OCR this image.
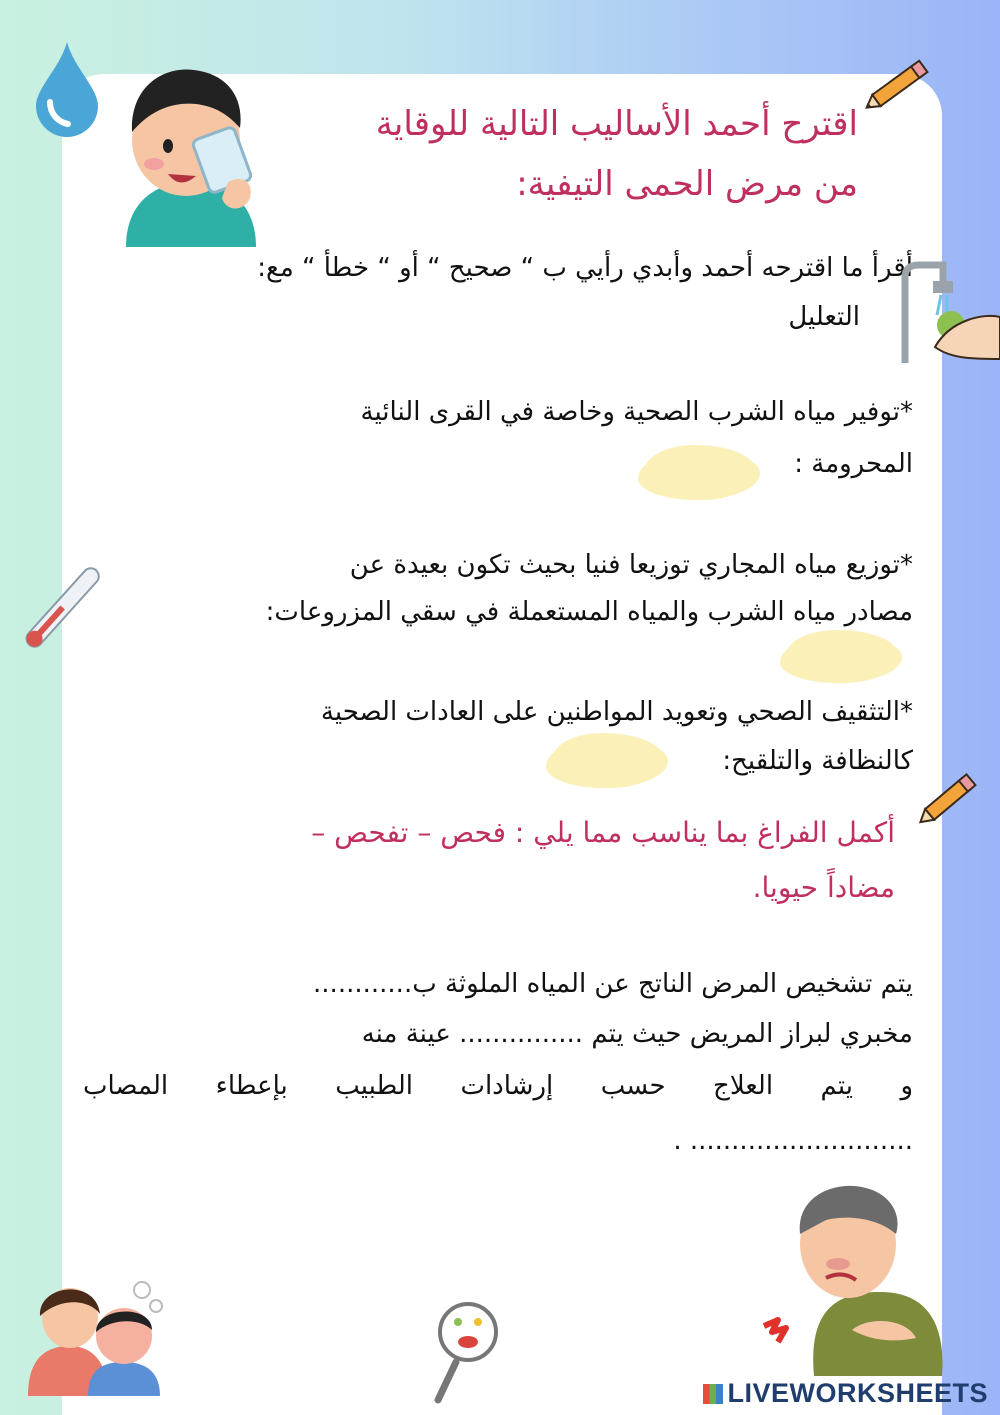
اقترح أحمد الأساليب التالية للوقاية
من مرض الحمى التيفية:
أقرأ ما اقترحه أحمد وأبدي رأيي ب “ صحيح “ أو “ خطأ “ مع:
التعليل
*توفير مياه الشرب الصحية وخاصة في القرى النائية
المحرومة :
*توزيع مياه المجاري توزيعا فنيا بحيث تكون بعيدة عن
مصادر مياه الشرب والمياه المستعملة في سقي المزروعات:
*التثقيف الصحي وتعويد المواطنين على العادات الصحية
كالنظافة والتلقيح:
أكمل الفراغ بما يناسب مما يلي : فحص – تفحص –
مضاداً حيويا.
يتم تشخيص المرض الناتج عن المياه الملوثة ب............
مخبري لبراز المريض حيث يتم ............... عينة منه
و يتم العلاج حسب إرشادات الطبيب بإعطاء المصاب
........................... .
LIVEWORKSHEETS
